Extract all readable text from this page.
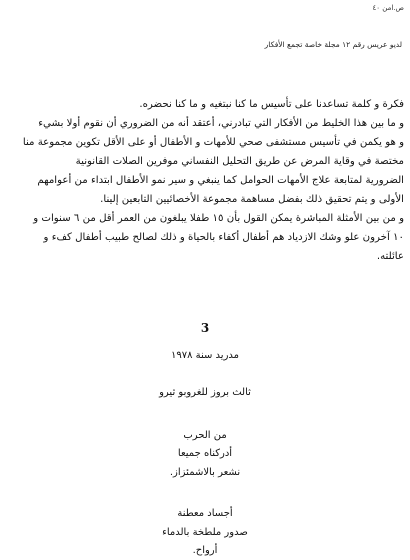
ص.امن ٤٠
لديو عريس رقم ١٢ مجلة خاصة تجمع الأفكار
فكرة و كلمة تساعدنا على تأسيس ما كنا نبتغيه و ما كنا نحضره.
و ما بين هذا الخليط من الأفكار التي تبادرني، أعتقد أنه من الضروري أن نقوم أولا بشيء
و هو يكمن في تأسيس مستشفى صحي للأمهات و الأطفال أو على الأقل تكوين مجموعة منا
مختصة في وقاية المرض عن طريق التحليل النفساني موفرين الصلات القانونية
الضرورية لمتابعة علاج الأمهات الحوامل كما ينبغي و سير نمو الأطفال ابتداء من أعوامهم
الأولى و يتم تحقيق ذلك بفضل مساهمة مجموعة الأخصائيين التابعين إلينا.
و من بين الأمثلة المباشرة يمكن القول بأن ١٥ طفلا يبلغون من العمر أقل من ٦ سنوات و
١٠ آخرون علو وشك الازدياد هم أطفال أكفاء بالحياة و ذلك لصالح طبيب أطفال كفء و
عائلته.
3
مدريد سنة ١٩٧٨
ثالث بروز للغروبو ثيرو
من الحرب
أدركناه جميعا
نشعر بالاشمئزاز.
أجساد معطنة
صدور ملطخة بالدماء
أرواح.
